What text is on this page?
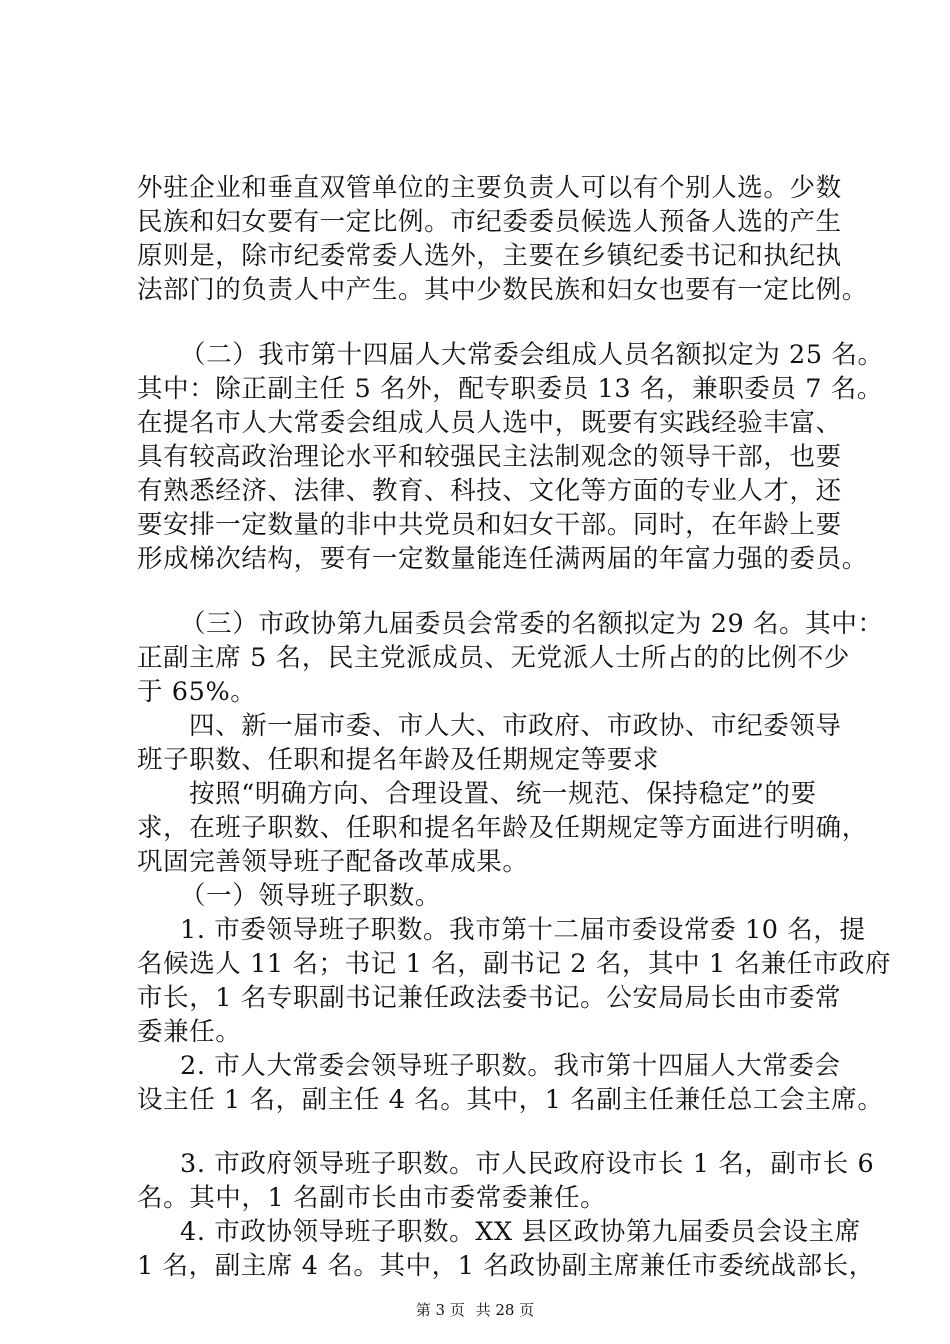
外驻企业和垂直双管单位的主要负责人可以有个别人选。少数
民族和妇女要有一定比例。市纪委委员候选人预备人选的产生
原则是，除市纪委常委人选外，主要在乡镇纪委书记和执纪执
法部门的负责人中产生。其中少数民族和妇女也要有一定比例。
（二）我市第十四届人大常委会组成人员名额拟定为 25 名。
其中：除正副主任 5 名外，配专职委员 13 名，兼职委员 7 名。
在提名市人大常委会组成人员人选中，既要有实践经验丰富、
具有较高政治理论水平和较强民主法制观念的领导干部，也要
有熟悉经济、法律、教育、科技、文化等方面的专业人才，还
要安排一定数量的非中共党员和妇女干部。同时，在年龄上要
形成梯次结构，要有一定数量能连任满两届的年富力强的委员。
（三）市政协第九届委员会常委的名额拟定为 29 名。其中：
正副主席 5 名，民主党派成员、无党派人士所占的的比例不少
于 65%。
四、新一届市委、市人大、市政府、市政协、市纪委领导
班子职数、任职和提名年龄及任期规定等要求
按照“明确方向、合理设置、统一规范、保持稳定”的要
求，在班子职数、任职和提名年龄及任期规定等方面进行明确，
巩固完善领导班子配备改革成果。
（一）领导班子职数。
1. 市委领导班子职数。我市第十二届市委设常委 10 名，提
名候选人 11 名；书记 1 名，副书记 2 名，其中 1 名兼任市政府
市长，1 名专职副书记兼任政法委书记。公安局局长由市委常
委兼任。
2. 市人大常委会领导班子职数。我市第十四届人大常委会
设主任 1 名，副主任 4 名。其中，1 名副主任兼任总工会主席。
3. 市政府领导班子职数。市人民政府设市长 1 名，副市长 6
名。其中，1 名副市长由市委常委兼任。
4. 市政协领导班子职数。XX 县区政协第九届委员会设主席
1 名，副主席 4 名。其中，1 名政协副主席兼任市委统战部长，
第 3 页 共 28 页
